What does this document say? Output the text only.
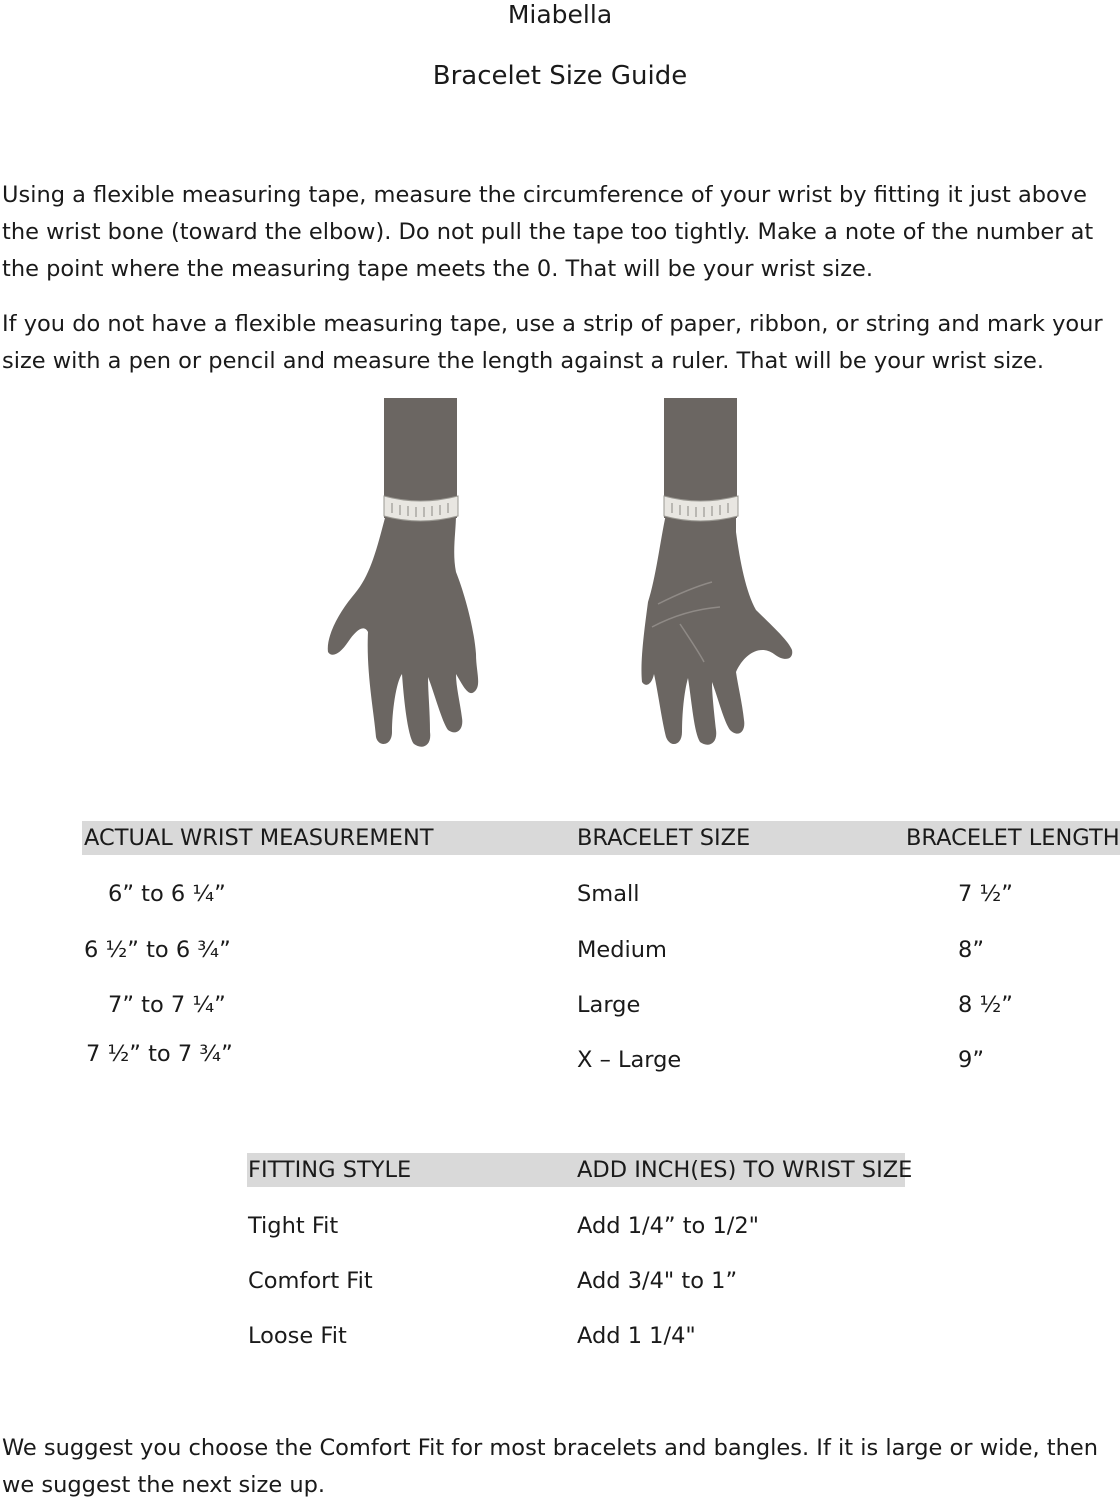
Miabella
Bracelet Size Guide

Using a flexible measuring tape, measure the circumference of your wrist by fitting it just above the wrist bone (toward the elbow). Do not pull the tape too tightly. Make a note of the number at the point where the measuring tape meets the 0. That will be your wrist size.

If you do not have a flexible measuring tape, use a strip of paper, ribbon, or string and mark your size with a pen or pencil and measure the length against a ruler. That will be your wrist size.

ACTUAL WRIST MEASUREMENT	BRACELET SIZE	BRACELET LENGTH
6” to 6 ¼”	Small	7 ½”
6 ½” to 6 ¾”	Medium	8”
7” to 7 ¼”	Large	8 ½”
7 ½” to 7 ¾”	X – Large	9”
FITTING STYLE	ADD INCH(ES) TO WRIST SIZE
Tight Fit	Add 1/4” to 1/2"
Comfort Fit	Add 3/4" to 1”
Loose Fit	Add 1 1/4"

We suggest you choose the Comfort Fit for most bracelets and bangles. If it is large or wide, then we suggest the next size up.
